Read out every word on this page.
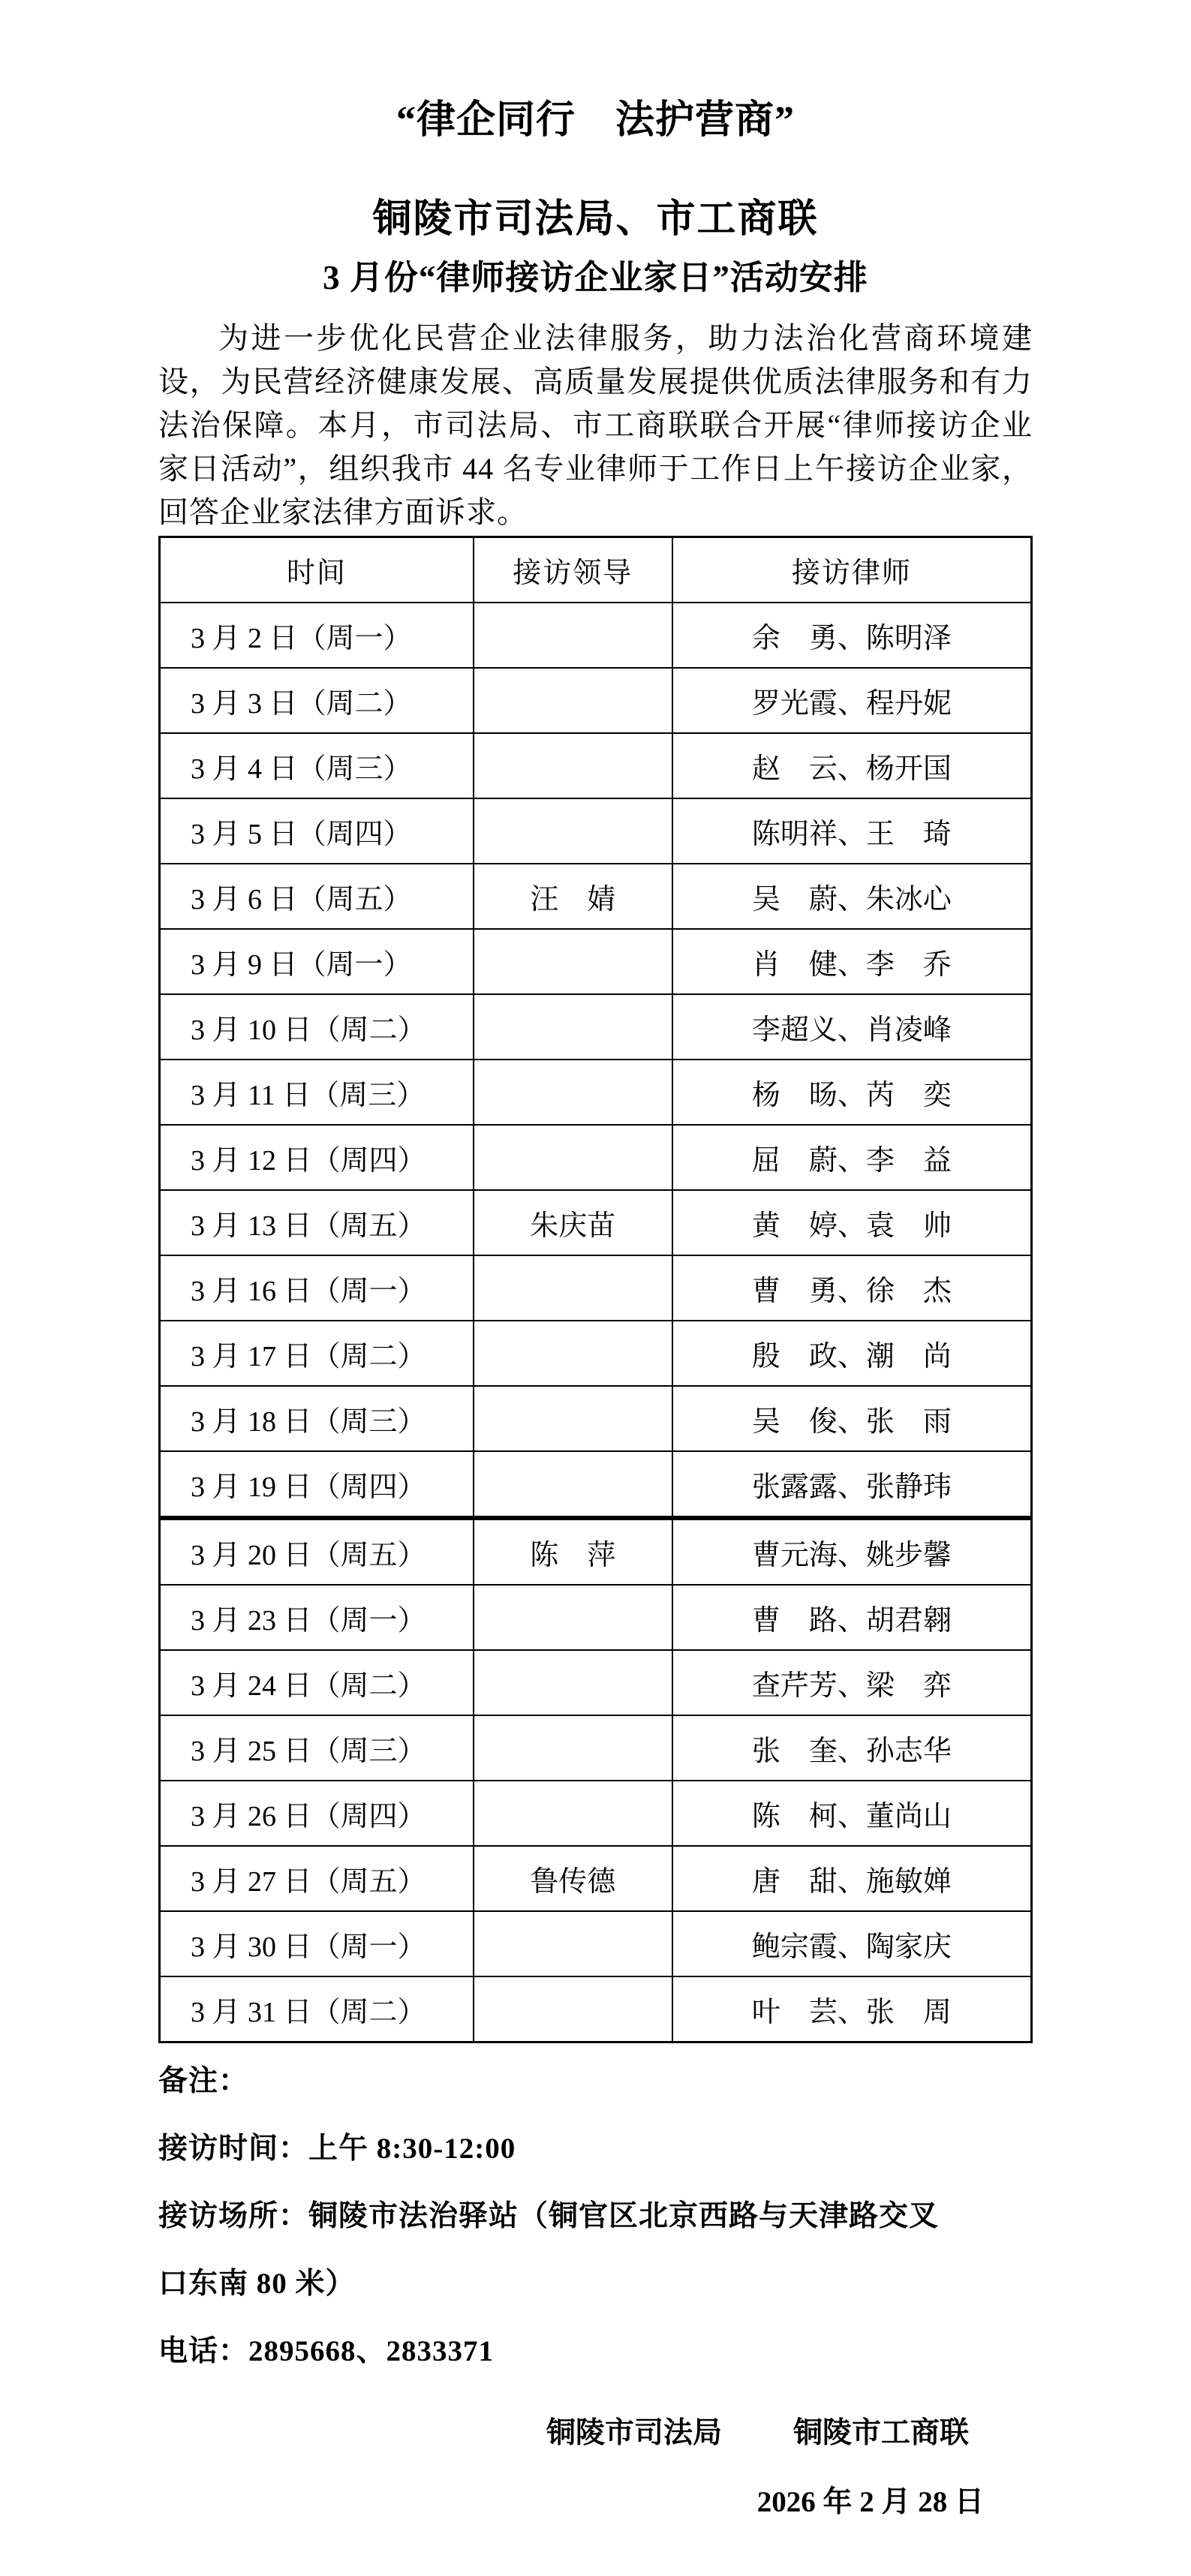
“律企同行　法护营商”
铜陵市司法局、市工商联
3 月份“律师接访企业家日”活动安排

为进一步优化民营企业法律服务，助力法治化营商环境建设，为民营经济健康发展、高质量发展提供优质法律服务和有力法治保障。本月，市司法局、市工商联联合开展“律师接访企业家日活动”，组织我市 44 名专业律师于工作日上午接访企业家，回答企业家法律方面诉求。

时间	接访领导	接访律师
3 月 2 日（周一）		余　勇、陈明泽
3 月 3 日（周二）		罗光霞、程丹妮
3 月 4 日（周三）		赵　云、杨开国
3 月 5 日（周四）		陈明祥、王　琦
3 月 6 日（周五）	汪　婧	吴　蔚、朱冰心
3 月 9 日（周一）		肖　健、李　乔
3 月 10 日（周二）		李超义、肖凌峰
3 月 11 日（周三）		杨　旸、芮　奕
3 月 12 日（周四）		屈　蔚、李　益
3 月 13 日（周五）	朱庆苗	黄　婷、袁　帅
3 月 16 日（周一）		曹　勇、徐　杰
3 月 17 日（周二）		殷　政、潮　尚
3 月 18 日（周三）		吴　俊、张　雨
3 月 19 日（周四）		张露露、张静玮
3 月 20 日（周五）	陈　萍	曹元海、姚步馨
3 月 23 日（周一）		曹　路、胡君翱
3 月 24 日（周二）		查芹芳、梁　弈
3 月 25 日（周三）		张　奎、孙志华
3 月 26 日（周四）		陈　柯、董尚山
3 月 27 日（周五）	鲁传德	唐　甜、施敏婵
3 月 30 日（周一）		鲍宗霞、陶家庆
3 月 31 日（周二）		叶　芸、张　周
备注：
接访时间：上午 8:30-12:00
接访场所：铜陵市法治驿站（铜官区北京西路与天津路交叉
口东南 80 米）
电话：2895668、2833371
铜陵市司法局 铜陵市工商联
2026 年 2 月 28 日
